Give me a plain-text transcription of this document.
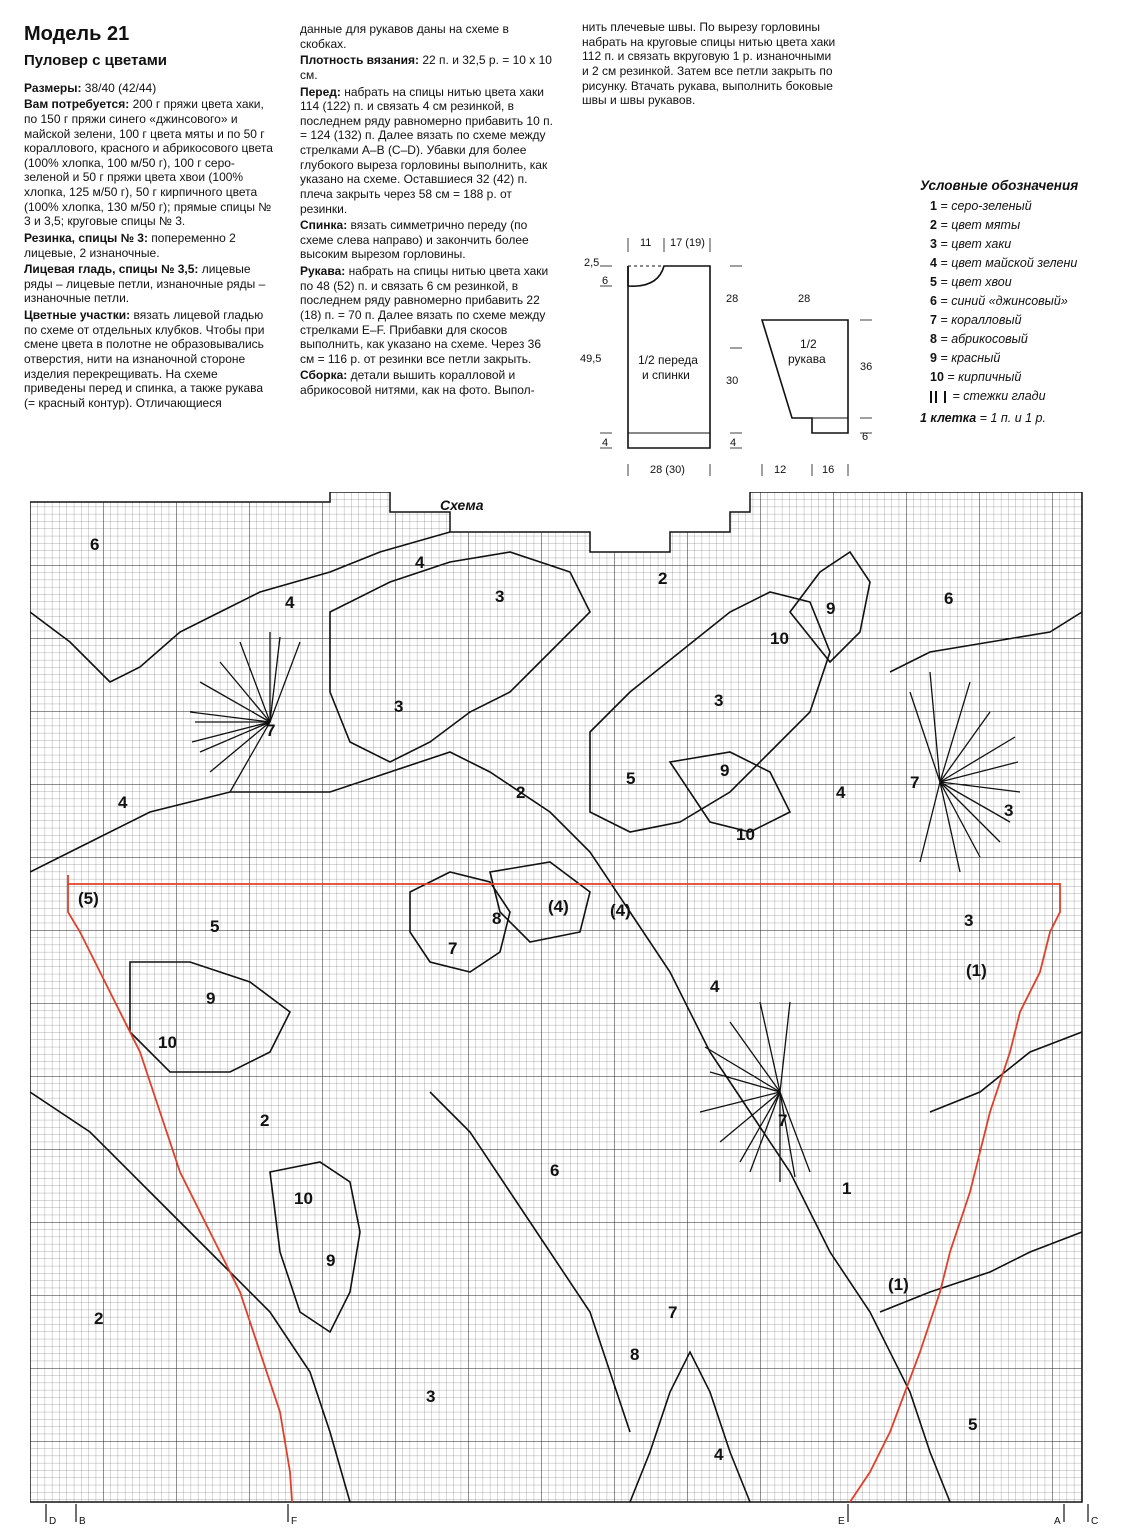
Модель 21
Пуловер с цветами

Размеры: 38/40 (42/44)

Вам потребуется: 200 г пряжи цвета хаки, по 150 г пряжи синего «джинсового» и майской зелени, 100 г цвета мяты и по 50 г кораллового, красного и абрикосового цвета (100% хлопка, 100 м/50 г), 100 г серо-зеленой и 50 г пряжи цвета хвои (100% хлопка, 125 м/50 г), 50 г кирпичного цвета (100% хлопка, 130 м/50 г); прямые спицы № 3 и 3,5; круговые спицы № 3.

Резинка, спицы № 3: попеременно 2 лицевые, 2 изнаночные.

Лицевая гладь, спицы № 3,5: лицевые ряды – лицевые петли, изнаночные ряды – изнаночные петли.

Цветные участки: вязать лицевой гладью по схеме от отдельных клубков. Чтобы при смене цвета в полотне не образовывались отверстия, нити на изнаночной стороне изделия перекрещивать. На схеме приведены перед и спинка, а также рукава (= красный контур). Отличающиеся

данные для рукавов даны на схеме в скобках.

Плотность вязания: 22 п. и 32,5 р. = 10 х 10 см.

Перед: набрать на спицы нитью цвета хаки 114 (122) п. и связать 4 см резинкой, в последнем ряду равномерно прибавить 10 п. = 124 (132) п. Далее вязать по схеме между стрелками A–B (C–D). Убавки для более глубокого выреза горловины выполнить, как указано на схеме. Оставшиеся 32 (42) п. плеча закрыть через 58 см = 188 р. от резинки.

Спинка: вязать симметрично переду (по схеме слева направо) и закончить более высоким вырезом горловины.

Рукава: набрать на спицы нитью цвета хаки по 48 (52) п. и связать 6 см резинкой, в последнем ряду равномерно прибавить 22 (18) п. = 70 п. Далее вязать по схеме между стрелками E–F. Прибавки для скосов выполнить, как указано на схеме. Через 36 см = 116 р. от резинки все петли закрыть.

Сборка: детали вышить коралловой и абрикосовой нитями, как на фото. Выпол-

нить плечевые швы. По вырезу горловины набрать на круговые спицы нитью цвета хаки 112 п. и связать вкруговую 1 р. изнаночными и 2 см резинкой. Затем все петли закрыть по рисунку. Втачать рукава, выполнить боковые швы и швы рукавов.

Условные обозначения
1 = серо-зеленый
2 = цвет мяты
3 = цвет хаки
4 = цвет майской зелени
5 = цвет хвои
6 = синий «джинсовый»
7 = коралловый
8 = абрикосовый
9 = красный
10 = кирпичный
= стежки глади
1 клетка = 1 п. и 1 р.
11 17 (19)
2,5
6
49,5
4
28
30
4
28 (30)
28
36
6
12	16
1/2 переда
и спинки
1/2
рукава
Схема
6
4
4	3
2
6
9
10
3	3
7
4
2
5	9
10
4
7
3
(5)
5	8
(4) (4)
7
3
(1)
9
10
4
2	7
6
1
10
9
(1)
7
8
2
3
5
4
D B	F	E	A	C
